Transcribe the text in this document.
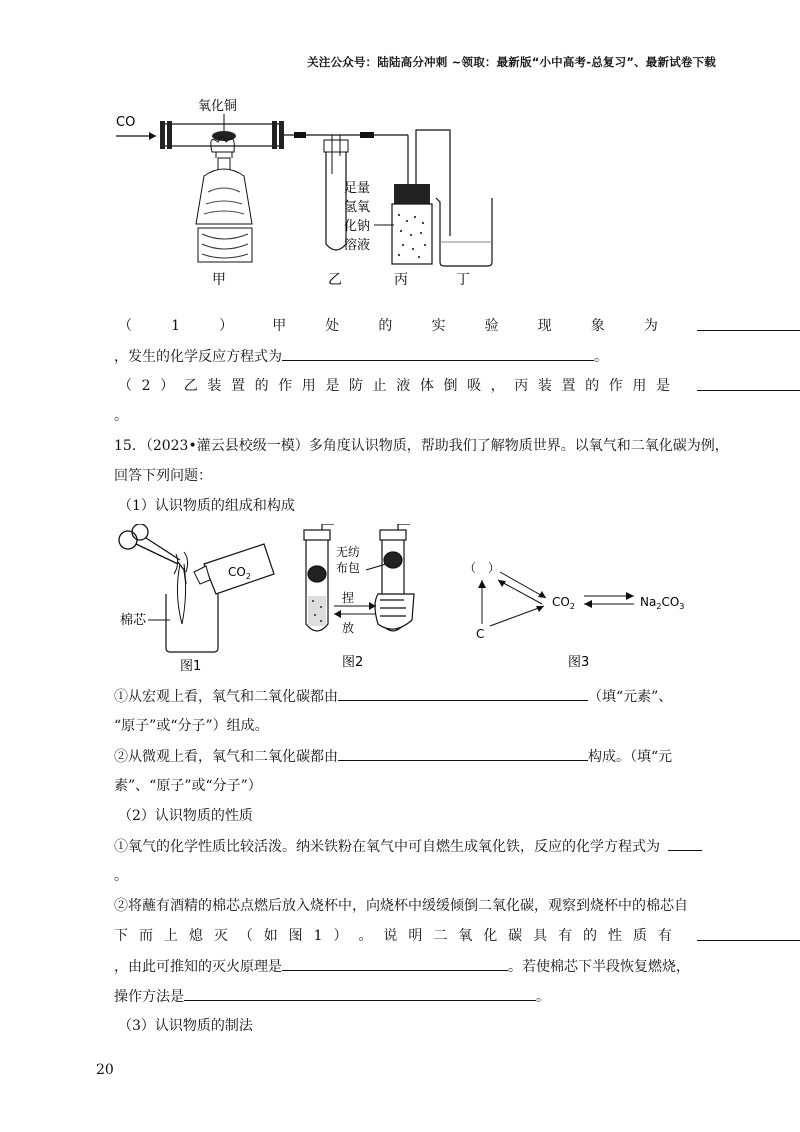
关注公众号：陆陆高分冲刺 ~领取：最新版“小中高考-总复习”、最新试卷下载
CO
氧化铜
足量
氢氧
化钠
溶液
甲	乙	丙	丁
（	1	）	甲	处	的	实	验	现	象	为
，发生的化学反应方程式为	。
（ 2 ） 乙 装 置 的 作 用 是 防 止 液 体 倒 吸 ， 丙 装 置 的 作 用 是
。
15．（2023•灌云县校级一模）多角度认识物质，帮助我们了解物质世界。以氧气和二氧化碳为例，
回答下列问题：
（1）认识物质的组成和构成
$CO_2$
棉芯
图1
无纺
布包
捏
放
图2
（　）
$CO_2$	$Na_2CO_3$
C
图3
①从宏观上看，氧气和二氧化碳都由	（填“元素”、
“原子”或“分子”）组成。
②从微观上看，氧气和二氧化碳都由	构成。（填“元
素”、“原子”或“分子”）
（2）认识物质的性质
①氧气的化学性质比较活泼。纳米铁粉在氧气中可自燃生成氧化铁，反应的化学方程式为
。
②将蘸有酒精的棉芯点燃后放入烧杯中，向烧杯中缓缓倾倒二氧化碳，观察到烧杯中的棉芯自
下 而 上 熄 灭 （ 如 图 1 ） 。 说 明 二 氧 化 碳 具 有 的 性 质 有
，由此可推知的灭火原理是	。若使棉芯下半段恢复燃烧，
操作方法是	。
（3）认识物质的制法
20
